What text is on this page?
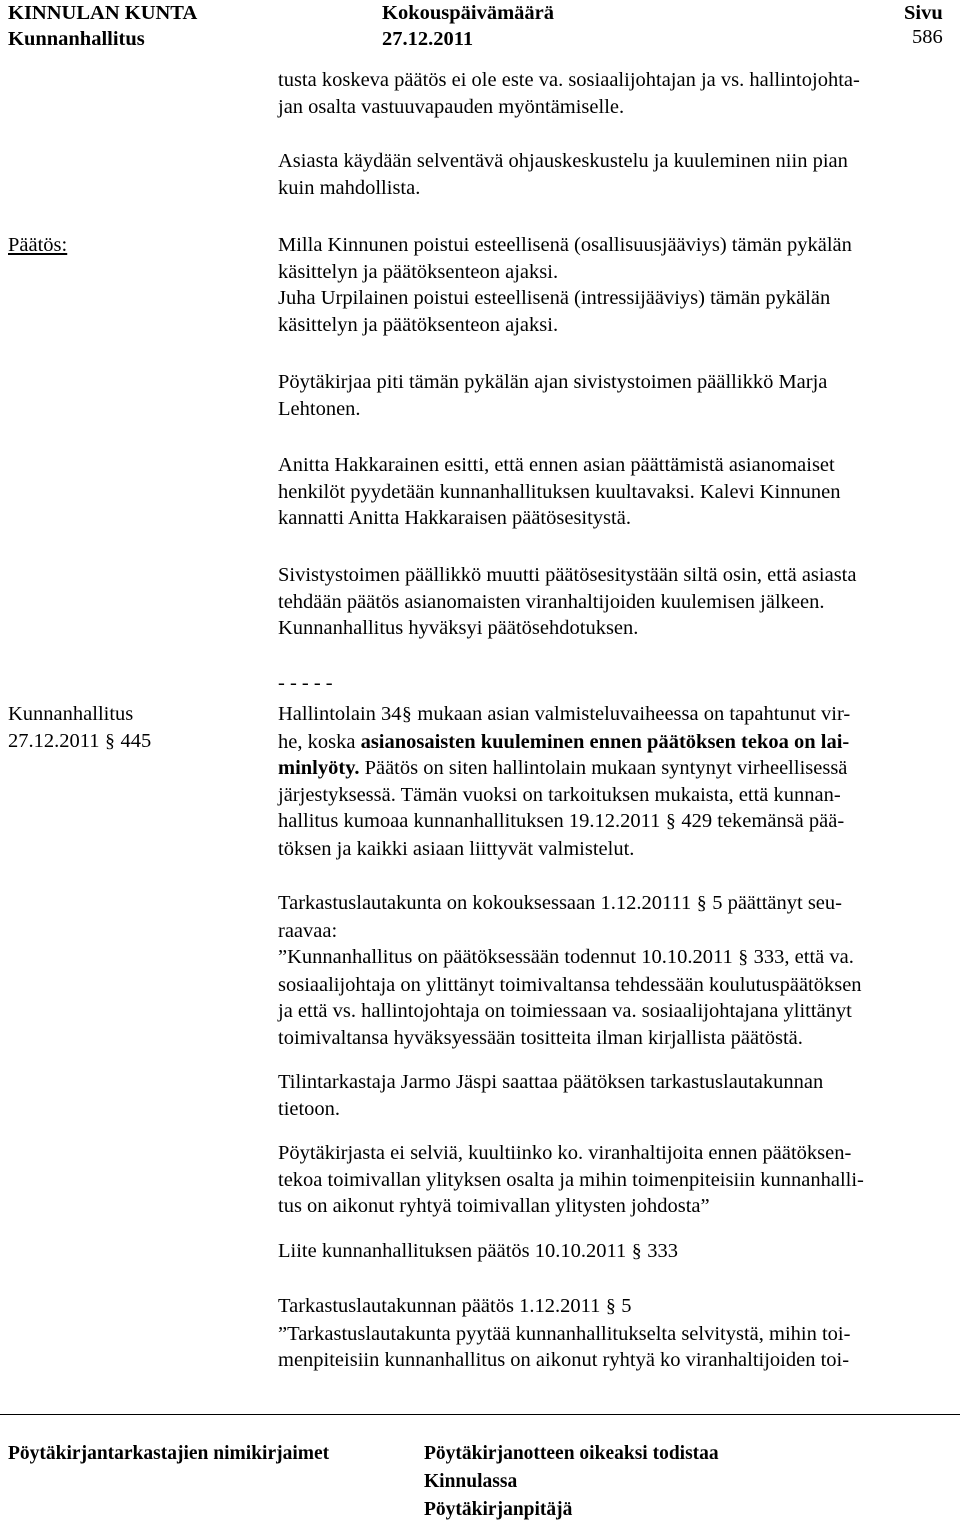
KINNULAN KUNTA
Kunnanhallitus
Kokouspäivämäärä
27.12.2011
Sivu
586

tusta koskeva päätös ei ole este va. sosiaalijohtajan ja vs. hallintojohta-
jan osalta vastuuvapauden myöntämiselle.

Asiasta käydään selventävä ohjauskeskustelu ja kuuleminen niin pian
kuin mahdollista.

Päätös:	Milla Kinnunen poistui esteellisenä (osallisuusjääviys) tämän pykälän
käsittelyn ja päätöksenteon ajaksi.
Juha Urpilainen poistui esteellisenä (intressijääviys) tämän pykälän
käsittelyn ja päätöksenteon ajaksi.
Pöytäkirjaa piti tämän pykälän ajan sivistystoimen päällikkö Marja
Lehtonen.
Anitta Hakkarainen esitti, että ennen asian päättämistä asianomaiset
henkilöt pyydetään kunnanhallituksen kuultavaksi. Kalevi Kinnunen
kannatti Anitta Hakkaraisen päätösesitystä.
Sivistystoimen päällikkö muutti päätösesitystään siltä osin, että asiasta
tehdään päätös asianomaisten viranhaltijoiden kuulemisen jälkeen.
Kunnanhallitus hyväksyi päätösehdotuksen.
- - - - -
Kunnanhallitus
27.12.2011 § 445
Hallintolain 34§ mukaan asian valmisteluvaiheessa on tapahtunut vir-
he, koska asianosaisten kuuleminen ennen päätöksen tekoa on lai-
minlyöty. Päätös on siten hallintolain mukaan syntynyt virheellisessä
järjestyksessä. Tämän vuoksi on tarkoituksen mukaista, että kunnan-
hallitus kumoaa kunnanhallituksen 19.12.2011 § 429 tekemänsä pää-
töksen ja kaikki asiaan liittyvät valmistelut.
Tarkastuslautakunta on kokouksessaan 1.12.20111 § 5 päättänyt seu-
raavaa:
”Kunnanhallitus on päätöksessään todennut 10.10.2011 § 333, että va.
sosiaalijohtaja on ylittänyt toimivaltansa tehdessään koulutuspäätöksen
ja että vs. hallintojohtaja on toimiessaan va. sosiaalijohtajana ylittänyt
toimivaltansa hyväksyessään tositteita ilman kirjallista päätöstä.
Tilintarkastaja Jarmo Jäspi saattaa päätöksen tarkastuslautakunnan
tietoon.
Pöytäkirjasta ei selviä, kuultiinko ko. viranhaltijoita ennen päätöksen-
tekoa toimivallan ylityksen osalta ja mihin toimenpiteisiin kunnanhalli-
tus on aikonut ryhtyä toimivallan ylitysten johdosta”
Liite kunnanhallituksen päätös 10.10.2011 § 333
Tarkastuslautakunnan päätös 1.12.2011 § 5
”Tarkastuslautakunta pyytää kunnanhallitukselta selvitystä, mihin toi-
menpiteisiin kunnanhallitus on aikonut ryhtyä ko viranhaltijoiden toi-
Pöytäkirjantarkastajien nimikirjaimet	Pöytäkirjanotteen oikeaksi todistaa
Kinnulassa
Pöytäkirjanpitäjä
